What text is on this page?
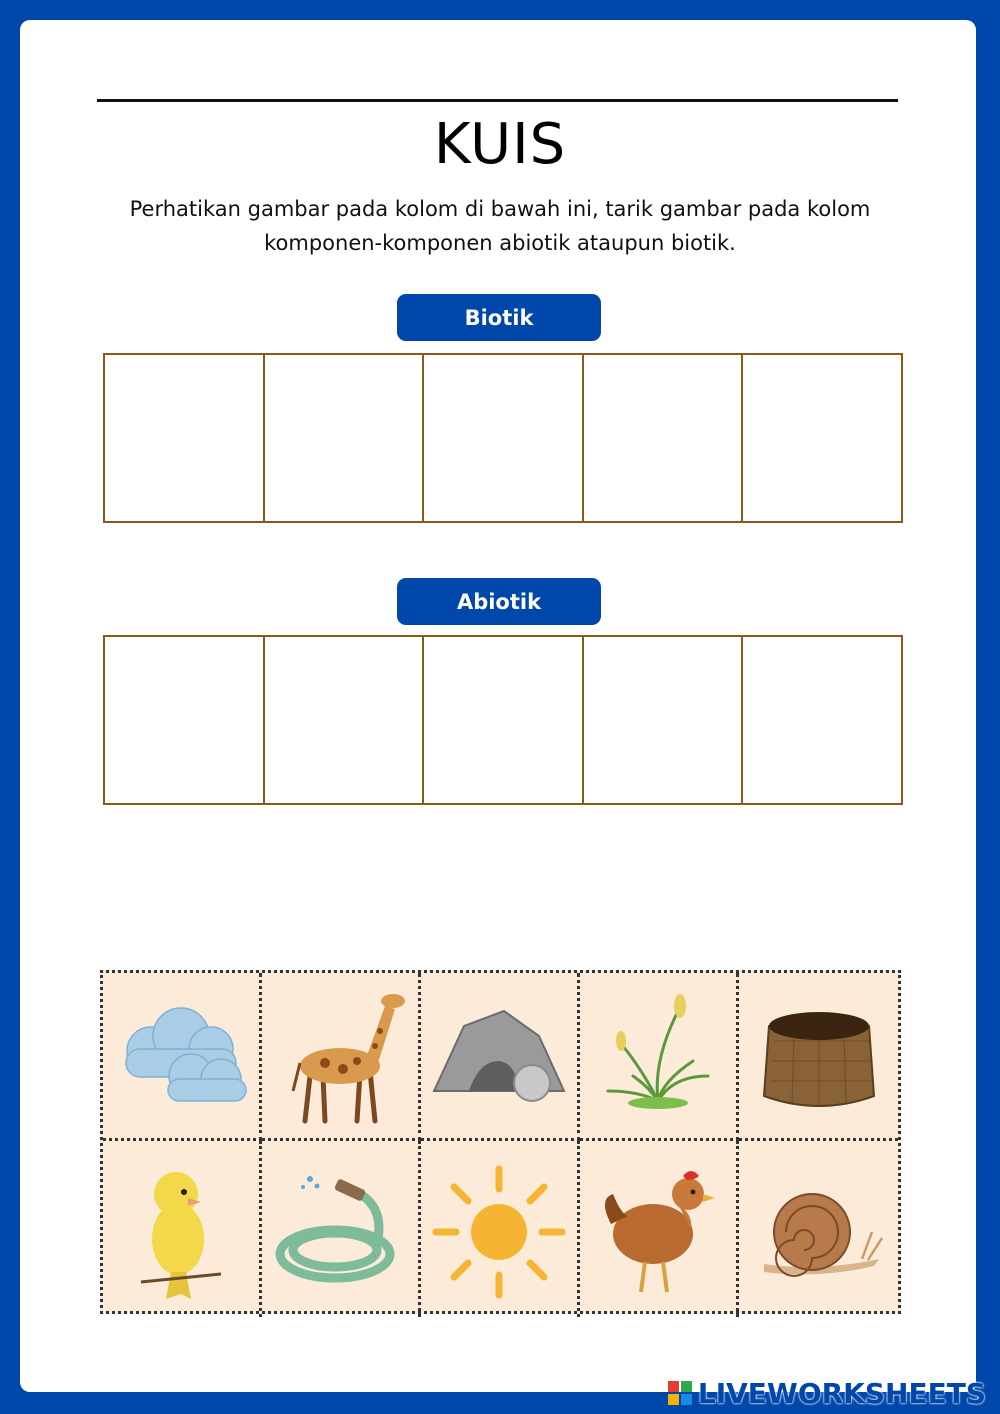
KUIS
Perhatikan gambar pada kolom di bawah ini, tarik gambar pada kolom komponen-komponen abiotik ataupun biotik.
Biotik
Abiotik
LIVEWORKSHEETS
